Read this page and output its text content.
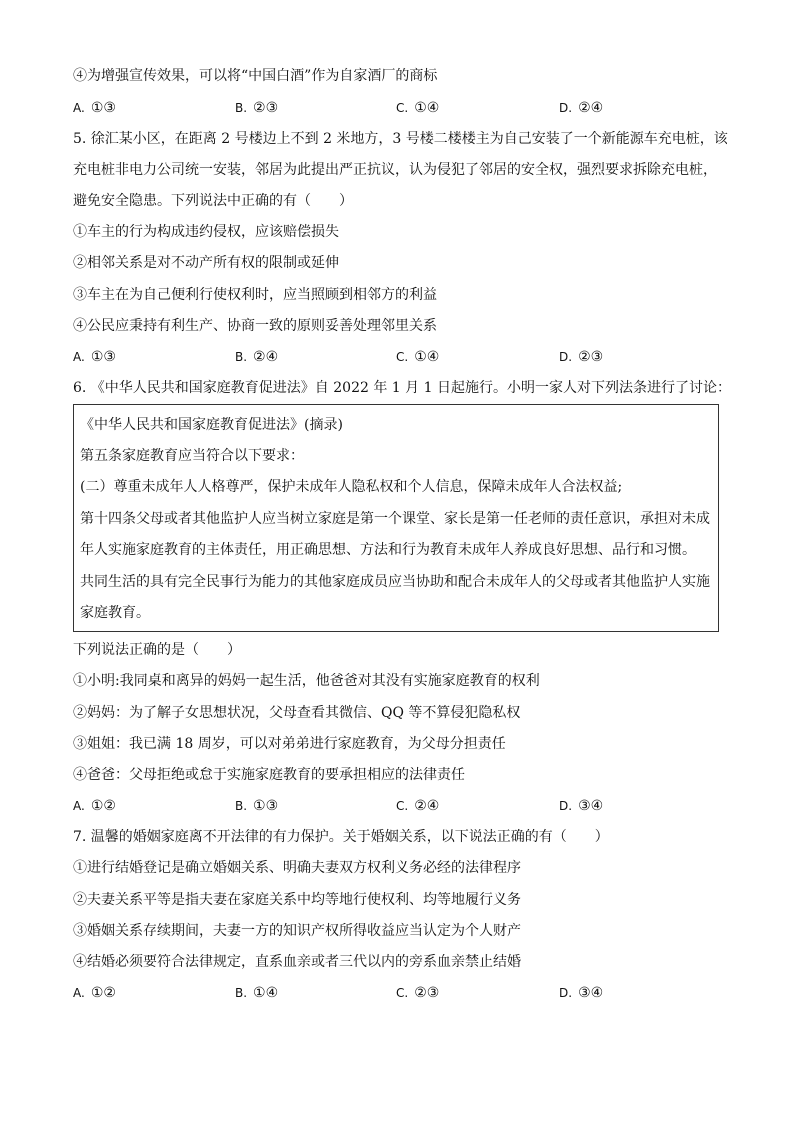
④为增强宣传效果，可以将“中国白酒”作为自家酒厂的商标
A. ①③	B. ②③	C. ①④	D. ②④
5. 徐汇某小区，在距离 2 号楼边上不到 2 米地方，3 号楼二楼楼主为自己安装了一个新能源车充电桩，该
充电桩非电力公司统一安装，邻居为此提出严正抗议，认为侵犯了邻居的安全权，强烈要求拆除充电桩，
避免安全隐患。下列说法中正确的有（　　）
①车主的行为构成违约侵权，应该赔偿损失
②相邻关系是对不动产所有权的限制或延伸
③车主在为自己便利行使权利时，应当照顾到相邻方的利益
④公民应秉持有利生产、协商一致的原则妥善处理邻里关系
A. ①③	B. ②④	C. ①④	D. ②③
6. 《中华人民共和国家庭教育促进法》自 2022 年 1 月 1 日起施行。小明一家人对下列法条进行了讨论：
《中华人民共和国家庭教育促进法》(摘录)
第五条家庭教育应当符合以下要求：
(二）尊重未成年人人格尊严，保护未成年人隐私权和个人信息，保障未成年人合法权益;
第十四条父母或者其他监护人应当树立家庭是第一个课堂、家长是第一任老师的责任意识，承担对未成
年人实施家庭教育的主体责任，用正确思想、方法和行为教育未成年人养成良好思想、品行和习惯。
共同生活的具有完全民事行为能力的其他家庭成员应当协助和配合未成年人的父母或者其他监护人实施
家庭教育。
下列说法正确的是（　　）
①小明:我同桌和离异的妈妈一起生活，他爸爸对其没有实施家庭教育的权利
②妈妈：为了解子女思想状况，父母查看其微信、QQ 等不算侵犯隐私权
③姐姐：我已满 18 周岁，可以对弟弟进行家庭教育，为父母分担责任
④爸爸：父母拒绝或怠于实施家庭教育的要承担相应的法律责任
A. ①②	B. ①③	C. ②④	D. ③④
7. 温馨的婚姻家庭离不开法律的有力保护。关于婚姻关系，以下说法正确的有（　　）
①进行结婚登记是确立婚姻关系、明确夫妻双方权利义务必经的法律程序
②夫妻关系平等是指夫妻在家庭关系中均等地行使权利、均等地履行义务
③婚姻关系存续期间，夫妻一方的知识产权所得收益应当认定为个人财产
④结婚必须要符合法律规定，直系血亲或者三代以内的旁系血亲禁止结婚
A. ①②	B. ①④	C. ②③	D. ③④
